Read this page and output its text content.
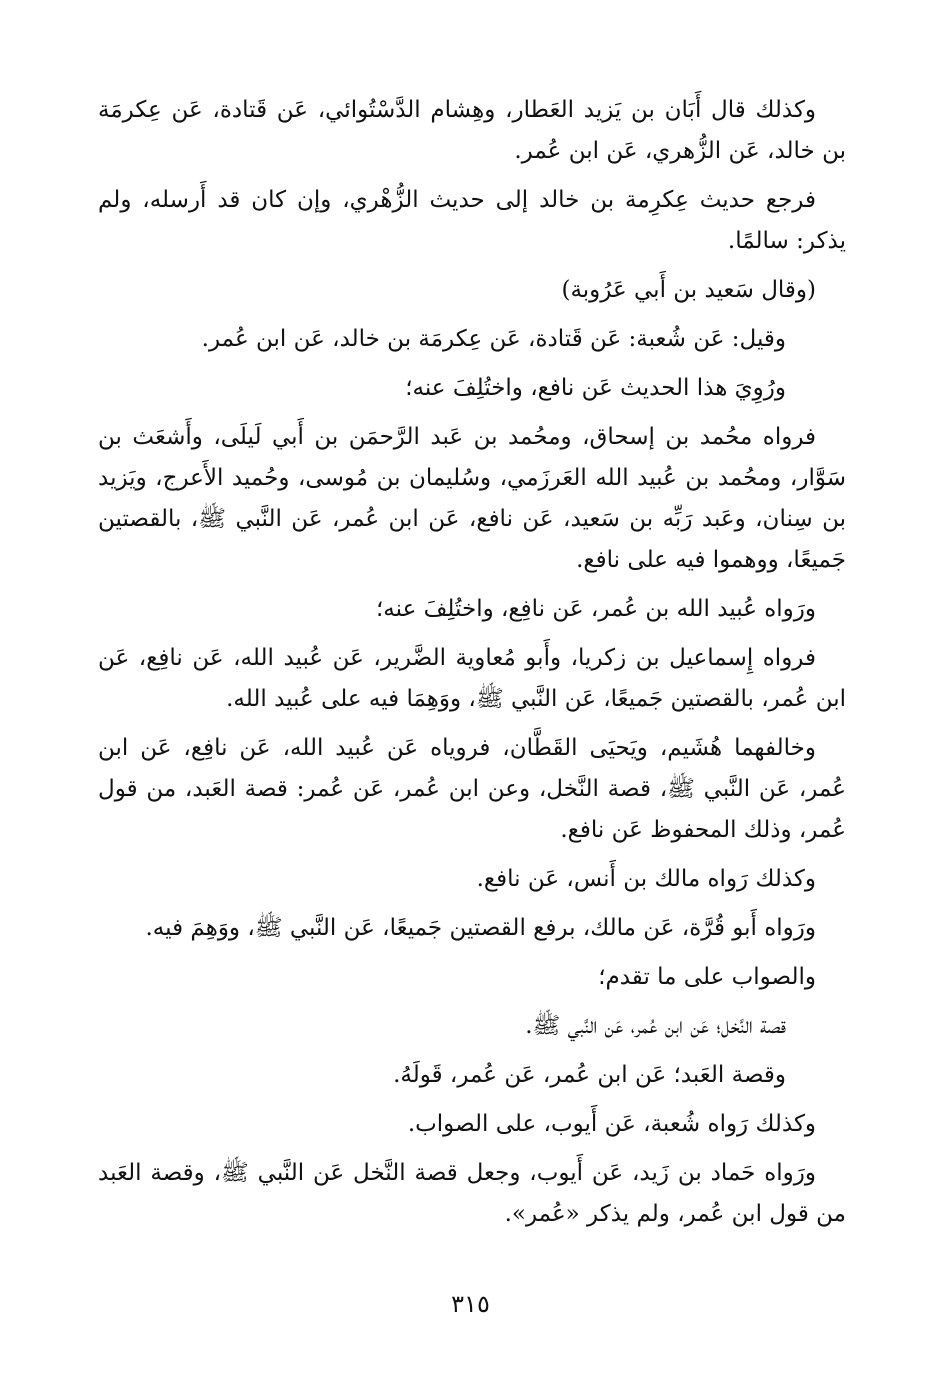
وكذلك قال أَبَان بن يَزيد العَطار، وهِشام الدَّسْتُوائي، عَن قَتادة، عَن عِكرمَة بن خالد، عَن الزُّهري، عَن ابن عُمر.

فرجع حديث عِكرِمة بن خالد إلى حديث الزُّهْري، وإن كان قد أَرسله، ولم يذكر: سالمًا.

(وقال سَعيد بن أَبي عَرُوبة)

وقيل: عَن شُعبة: عَن قَتادة، عَن عِكرمَة بن خالد، عَن ابن عُمر.

ورُوِيَ هذا الحديث عَن نافع، واختُلِفَ عنه؛

فرواه محُمد بن إسحاق، ومحُمد بن عَبد الرَّحمَن بن أَبي لَيلَى، وأَشعَث بن سَوَّار، ومحُمد بن عُبيد الله العَرزَمي، وسُليمان بن مُوسى، وحُميد الأَعرج، ويَزيد بن سِنان، وعَبد رَبِّه بن سَعيد، عَن نافع، عَن ابن عُمر، عَن النَّبي ﷺ، بالقصتين جَميعًا، ووهموا فيه على نافع.

ورَواه عُبيد الله بن عُمر، عَن نافِع، واختُلِفَ عنه؛

فرواه إِسماعيل بن زكريا، وأَبو مُعاوية الضَّرير، عَن عُبيد الله، عَن نافِع، عَن ابن عُمر، بالقصتين جَميعًا، عَن النَّبي ﷺ، ووَهِمَا فيه على عُبيد الله.

وخالفهما هُشَيم، ويَحيَى القَطَّان، فروياه عَن عُبيد الله، عَن نافِع، عَن ابن عُمر، عَن النَّبي ﷺ، قصة النَّخل، وعن ابن عُمر، عَن عُمر: قصة العَبد، من قول عُمر، وذلك المحفوظ عَن نافع.

وكذلك رَواه مالك بن أَنس، عَن نافع.

ورَواه أَبو قُرَّة، عَن مالك، برفع القصتين جَميعًا، عَن النَّبي ﷺ، ووَهِمَ فيه.

والصواب على ما تقدم؛

قصة النَّخل؛ عَن ابن عُمر، عَن النَّبي ﷺ.

وقصة العَبد؛ عَن ابن عُمر، عَن عُمر، قَولَهُ.

وكذلك رَواه شُعبة، عَن أَيوب، على الصواب.

ورَواه حَماد بن زَيد، عَن أَيوب، وجعل قصة النَّخل عَن النَّبي ﷺ، وقصة العَبد من قول ابن عُمر، ولم يذكر «عُمر».

٣١٥
